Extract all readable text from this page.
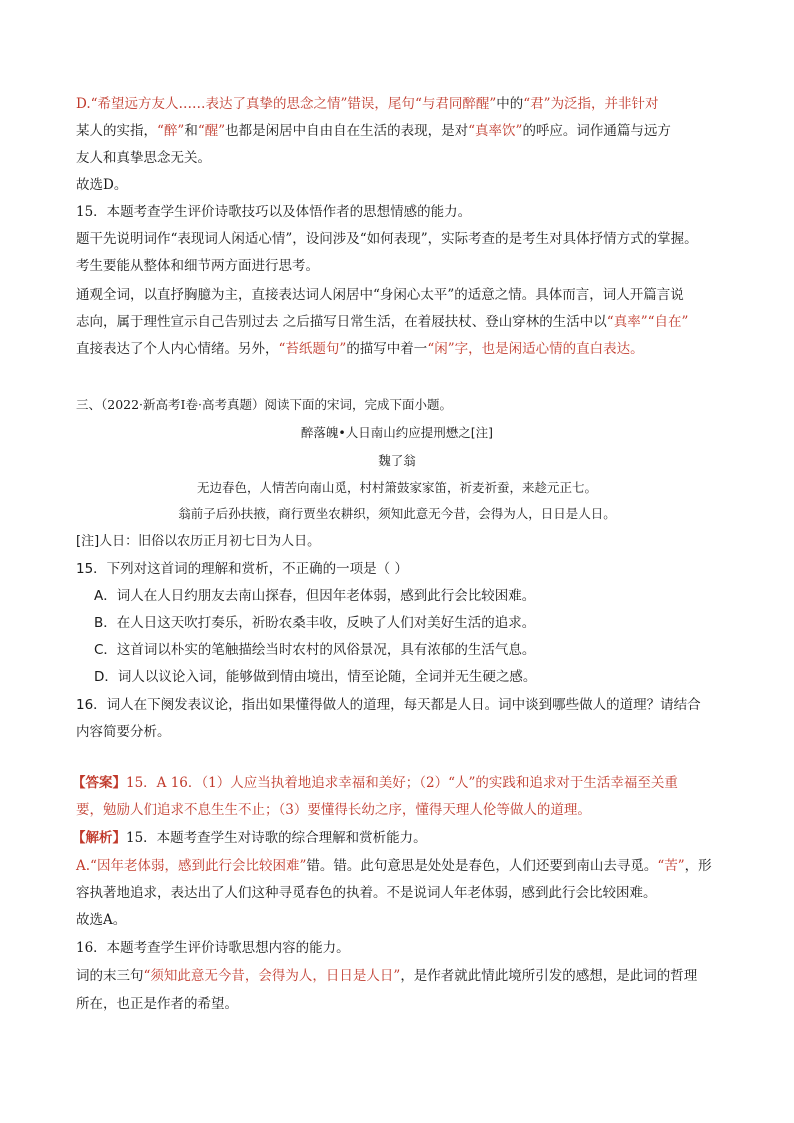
D.“希望远方友人……表达了真挚的思念之情”错误，尾句“与君同醉醒”中的“君”为泛指，并非针对
某人的实指，“醉”和“醒”也都是闲居中自由自在生活的表现，是对“真率饮”的呼应。词作通篇与远方
友人和真挚思念无关。
故选D。
15．本题考查学生评价诗歌技巧以及体悟作者的思想情感的能力。
题干先说明词作“表现词人闲适心情”，设问涉及“如何表现”，实际考查的是考生对具体抒情方式的掌握。
考生要能从整体和细节两方面进行思考。
通观全词，以直抒胸臆为主，直接表达词人闲居中“身闲心太平”的适意之情。具体而言，词人开篇言说
志向，属于理性宣示自己告别过去 之后描写日常生活，在着屐扶杖、登山穿林的生活中以“真率”“自在”
直接表达了个人内心情绪。另外，“苔纸题句”的描写中着一“闲”字，也是闲适心情的直白表达。
三、（2022·新高考Ⅰ卷·高考真题）阅读下面的宋词，完成下面小题。
醉落魄•人日南山约应提刑懋之[注]
魏了翁
无边春色，人情苦向南山觅，村村箫鼓家家笛，祈麦祈蚕，来趁元正七。
翁前子后孙扶掖，商行贾坐农耕织，须知此意无今昔，会得为人，日日是人日。
[注]人日：旧俗以农历正月初七日为人日。
15．下列对这首词的理解和赏析，不正确的一项是（ ）
A．词人在人日约朋友去南山探春，但因年老体弱，感到此行会比较困难。
B．在人日这天吹打奏乐，祈盼农桑丰收，反映了人们对美好生活的追求。
C．这首词以朴实的笔触描绘当时农村的风俗景况，具有浓郁的生活气息。
D．词人以议论入词，能够做到情由境出，情至论随，全词并无生硬之感。
16．词人在下阕发表议论，指出如果懂得做人的道理，每天都是人日。词中谈到哪些做人的道理？请结合
内容简要分析。
【答案】15．A 16．（1）人应当执着地追求幸福和美好；（2）“人”的实践和追求对于生活幸福至关重
要，勉励人们追求不息生生不止；（3）要懂得长幼之序，懂得天理人伦等做人的道理。
【解析】15．本题考查学生对诗歌的综合理解和赏析能力。
A.“因年老体弱，感到此行会比较困难”错。错。此句意思是处处是春色，人们还要到南山去寻觅。“苦”，形
容执著地追求，表达出了人们这种寻觅春色的执着。不是说词人年老体弱，感到此行会比较困难。
故选A。
16．本题考查学生评价诗歌思想内容的能力。
词的末三句“须知此意无今昔，会得为人，日日是人日”，是作者就此情此境所引发的感想，是此词的哲理
所在，也正是作者的希望。
